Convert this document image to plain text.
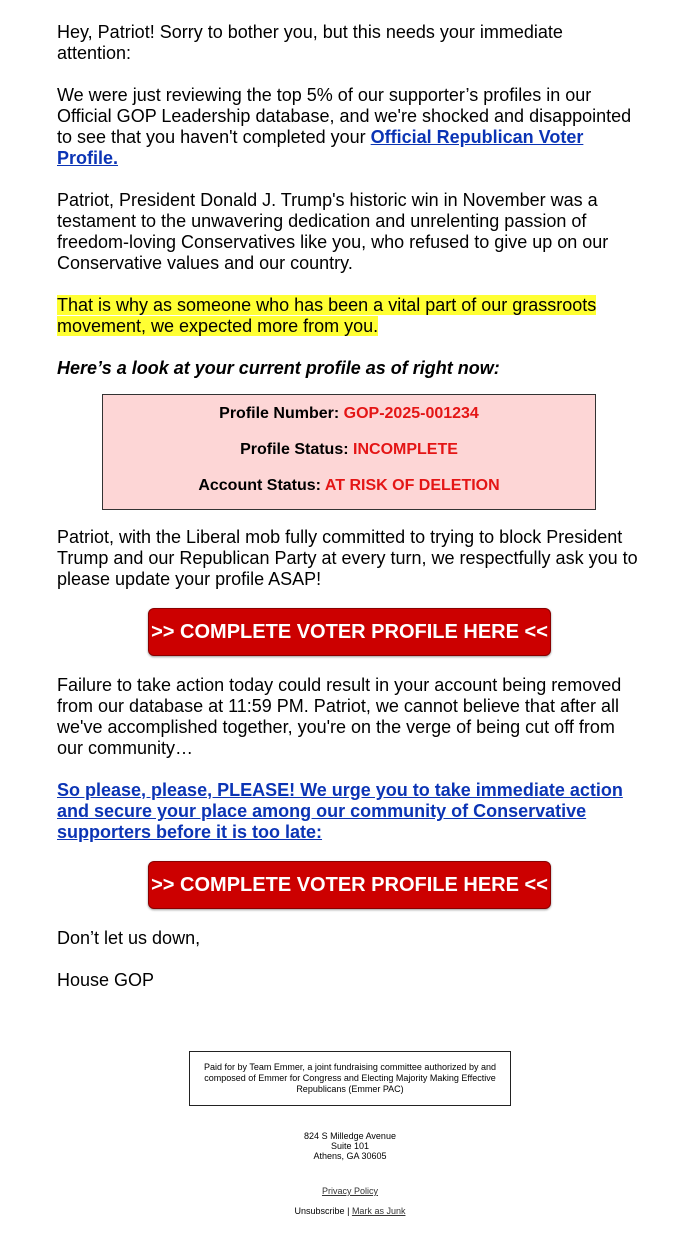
Hey, Patriot! Sorry to bother you, but this needs your immediate attention:

We were just reviewing the top 5% of our supporter’s profiles in our Official GOP Leadership database, and we're shocked and disappointed to see that you haven't completed your Official Republican Voter Profile.

Patriot, President Donald J. Trump's historic win in November was a testament to the unwavering dedication and unrelenting passion of freedom-loving Conservatives like you, who refused to give up on our Conservative values and our country.

That is why as someone who has been a vital part of our grassroots movement, we expected more from you.

Here’s a look at your current profile as of right now:

Patriot, with the Liberal mob fully committed to trying to block President Trump and our Republican Party at every turn, we respectfully ask you to please update your profile ASAP!

Failure to take action today could result in your account being removed from our database at 11:59 PM. Patriot, we cannot believe that after all we've accomplished together, you're on the verge of being cut off from our community…

So please, please, PLEASE! We urge you to take immediate action and secure your place among our community of Conservative supporters before it is too late:

Don’t let us down,

House GOP

Profile Number: GOP-2025-001234
Profile Status: INCOMPLETE
Account Status: AT RISK OF DELETION
>> COMPLETE VOTER PROFILE HERE <<
>> COMPLETE VOTER PROFILE HERE <<
Paid for by Team Emmer, a joint fundraising committee authorized by and composed of Emmer for Congress and Electing Majority Making Effective Republicans (Emmer PAC)
824 S Milledge Avenue
Suite 101
Athens, GA 30605
Privacy Policy
Unsubscribe | Mark as Junk
